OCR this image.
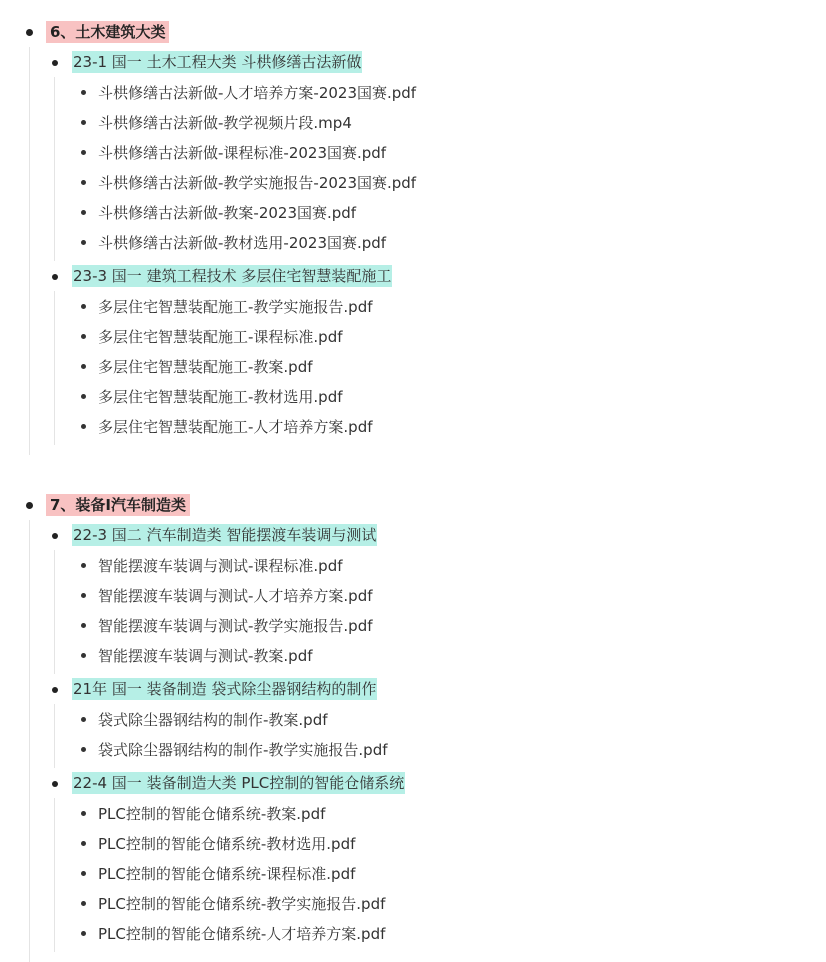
6、土木建筑大类
23-1 国一 土木工程大类 斗栱修缮古法新做
斗栱修缮古法新做-人才培养方案-2023国赛.pdf
斗栱修缮古法新做-教学视频片段.mp4
斗栱修缮古法新做-课程标准-2023国赛.pdf
斗栱修缮古法新做-教学实施报告-2023国赛.pdf
斗栱修缮古法新做-教案-2023国赛.pdf
斗栱修缮古法新做-教材选用-2023国赛.pdf
23-3 国一 建筑工程技术 多层住宅智慧装配施工
多层住宅智慧装配施工-教学实施报告.pdf
多层住宅智慧装配施工-课程标准.pdf
多层住宅智慧装配施工-教案.pdf
多层住宅智慧装配施工-教材选用.pdf
多层住宅智慧装配施工-人才培养方案.pdf
7、装备I汽车制造类
22-3 国二 汽车制造类 智能摆渡车装调与测试
智能摆渡车装调与测试-课程标准.pdf
智能摆渡车装调与测试-人才培养方案.pdf
智能摆渡车装调与测试-教学实施报告.pdf
智能摆渡车装调与测试-教案.pdf
21年 国一 装备制造 袋式除尘器钢结构的制作
袋式除尘器钢结构的制作-教案.pdf
袋式除尘器钢结构的制作-教学实施报告.pdf
22-4 国一 装备制造大类 PLC控制的智能仓储系统
PLC控制的智能仓储系统-教案.pdf
PLC控制的智能仓储系统-教材选用.pdf
PLC控制的智能仓储系统-课程标准.pdf
PLC控制的智能仓储系统-教学实施报告.pdf
PLC控制的智能仓储系统-人才培养方案.pdf
